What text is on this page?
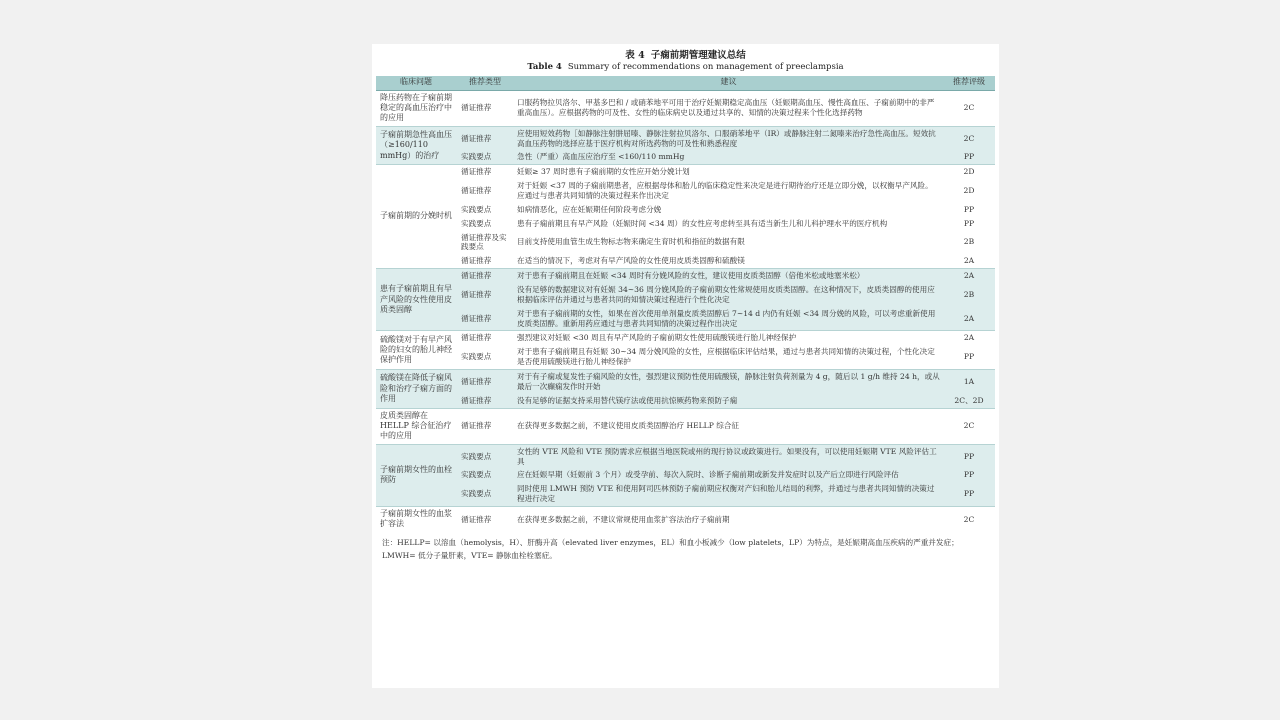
表 4 子痫前期管理建议总结
Table 4 Summary of recommendations on management of preeclampsia
临床问题	推荐类型	建议	推荐评级
降压药物在子痫前期稳定的高血压治疗中的应用	循证推荐	口服药物拉贝洛尔、甲基多巴和 / 或硝苯地平可用于治疗妊娠期稳定高血压（妊娠期高血压、慢性高血压、子痫前期中的非严重高血压）。应根据药物的可及性、女性的临床病史以及通过共享的、知情的决策过程来个性化选择药物	2C
子痫前期急性高血压（≥160/110 mmHg）的治疗	循证推荐	应使用短效药物［如静脉注射肼屈嗪、静脉注射拉贝洛尔、口服硝苯地平（IR）或静脉注射二氮嗪来治疗急性高血压。短效抗高血压药物的选择应基于医疗机构对所选药物的可及性和熟悉程度	2C
	实践要点	急性（严重）高血压应治疗至 <160/110 mmHg	PP
子痫前期的分娩时机	循证推荐	妊娠≥ 37 周时患有子痫前期的女性应开始分娩计划	2D
	循证推荐	对于妊娠 <37 周的子痫前期患者，应根据母体和胎儿的临床稳定性来决定是进行期待治疗还是立即分娩，以权衡早产风险。应通过与患者共同知情的决策过程来作出决定	2D
	实践要点	如病情恶化，应在妊娠期任何阶段考虑分娩	PP
	实践要点	患有子痫前期且有早产风险（妊娠时间 <34 周）的女性应考虑转至具有适当新生儿和儿科护理水平的医疗机构	PP
	循证推荐及实践要点	目前支持使用血管生成生物标志物来确定生育时机和指征的数据有限	2B
	循证推荐	在适当的情况下，考虑对有早产风险的女性使用皮质类固醇和硫酸镁	2A
患有子痫前期且有早产风险的女性使用皮质类固醇	循证推荐	对于患有子痫前期且在妊娠 <34 周时有分娩风险的女性，建议使用皮质类固醇（倍他米松或地塞米松）	2A
	循证推荐	没有足够的数据建议对有妊娠 34~36 周分娩风险的子痫前期女性常规使用皮质类固醇。在这种情况下，皮质类固醇的使用应根据临床评估并通过与患者共同的知情决策过程进行个性化决定	2B
	循证推荐	对于患有子痫前期的女性，如果在首次使用单剂量皮质类固醇后 7~14 d 内仍有妊娠 <34 周分娩的风险，可以考虑重新使用皮质类固醇。重新用药应通过与患者共同知情的决策过程作出决定	2A
硫酸镁对于有早产风险的妇女的胎儿神经保护作用	循证推荐	强烈建议对妊娠 <30 周且有早产风险的子痫前期女性使用硫酸镁进行胎儿神经保护	2A
	实践要点	对于患有子痫前期且有妊娠 30~34 周分娩风险的女性，应根据临床评估结果，通过与患者共同知情的决策过程，个性化决定是否使用硫酸镁进行胎儿神经保护	PP
硫酸镁在降低子痫风险和治疗子痫方面的作用	循证推荐	对于有子痫或复发性子痫风险的女性，强烈建议预防性使用硫酸镁，静脉注射负荷剂量为 4 g，随后以 1 g/h 维持 24 h，或从最后一次癫痫发作时开始	1A
	循证推荐	没有足够的证据支持采用替代镁疗法或使用抗惊厥药物来预防子痫	2C、2D
皮质类固醇在 HELLP 综合征治疗中的应用	循证推荐	在获得更多数据之前，不建议使用皮质类固醇治疗 HELLP 综合征	2C
子痫前期女性的血栓预防	实践要点	女性的 VTE 风险和 VTE 预防需求应根据当地医院或州的现行协议或政策进行。如果没有，可以使用妊娠期 VTE 风险评估工具	PP
	实践要点	应在妊娠早期（妊娠前 3 个月）或受孕前、每次入院时、诊断子痫前期或新发并发症时以及产后立即进行风险评估	PP
	实践要点	同时使用 LMWH 预防 VTE 和使用阿司匹林预防子痫前期应权衡对产妇和胎儿结局的利弊，并通过与患者共同知情的决策过程进行决定	PP
子痫前期女性的血浆扩容法	循证推荐	在获得更多数据之前，不建议常规使用血浆扩容法治疗子痫前期	2C
注：HELLP= 以溶血（hemolysis，H）、肝酶升高（elevated liver enzymes，EL）和血小板减少（low platelets，LP）为特点，是妊娠期高血压疾病的严重并发症；LMWH= 低分子量肝素，VTE= 静脉血栓栓塞症。
